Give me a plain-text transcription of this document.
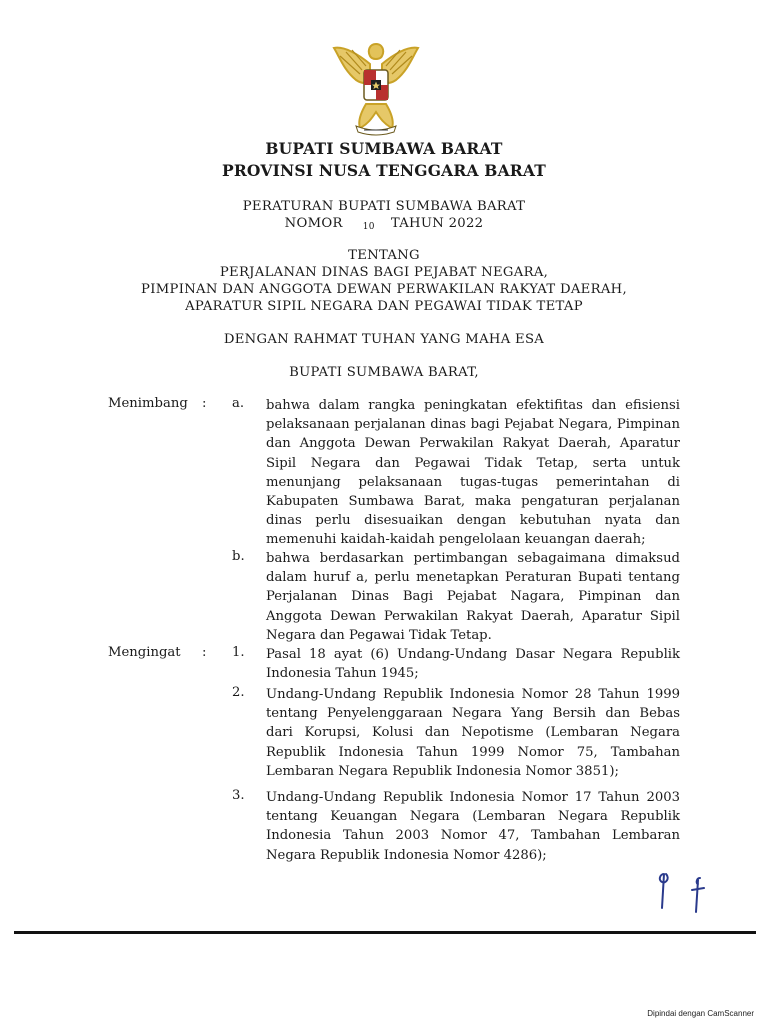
BUPATI SUMBAWA BARAT
PROVINSI NUSA TENGGARA BARAT
PERATURAN BUPATI SUMBAWA BARAT
NOMOR 10 TAHUN 2022
TENTANG
PERJALANAN DINAS BAGI PEJABAT NEGARA,
PIMPINAN DAN ANGGOTA DEWAN PERWAKILAN RAKYAT DAERAH,
APARATUR SIPIL NEGARA DAN PEGAWAI TIDAK TETAP
DENGAN RAHMAT TUHAN YANG MAHA ESA
BUPATI SUMBAWA BARAT,
Menimbang : a. bahwa dalam rangka peningkatan efektifitas dan efisiensi pelaksanaan perjalanan dinas bagi Pejabat Negara, Pimpinan dan Anggota Dewan Perwakilan Rakyat Daerah, Aparatur Sipil Negara dan Pegawai Tidak Tetap, serta untuk menunjang pelaksanaan tugas-tugas pemerintahan di Kabupaten Sumbawa Barat, maka pengaturan perjalanan dinas perlu disesuaikan dengan kebutuhan nyata dan memenuhi kaidah-kaidah pengelolaan keuangan daerah;
b. bahwa berdasarkan pertimbangan sebagaimana dimaksud dalam huruf a, perlu menetapkan Peraturan Bupati tentang Perjalanan Dinas Bagi Pejabat Nagara, Pimpinan dan Anggota Dewan Perwakilan Rakyat Daerah, Aparatur Sipil Negara dan Pegawai Tidak Tetap.
Mengingat : 1. Pasal 18 ayat (6) Undang-Undang Dasar Negara Republik Indonesia Tahun 1945;
2. Undang-Undang Republik Indonesia Nomor 28 Tahun 1999 tentang Penyelenggaraan Negara Yang Bersih dan Bebas dari Korupsi, Kolusi dan Nepotisme (Lembaran Negara Republik Indonesia Tahun 1999 Nomor 75, Tambahan Lembaran Negara Republik Indonesia Nomor 3851);
3. Undang-Undang Republik Indonesia Nomor 17 Tahun 2003 tentang Keuangan Negara (Lembaran Negara Republik Indonesia Tahun 2003 Nomor 47, Tambahan Lembaran Negara Republik Indonesia Nomor 4286);
Dipindai dengan CamScanner
